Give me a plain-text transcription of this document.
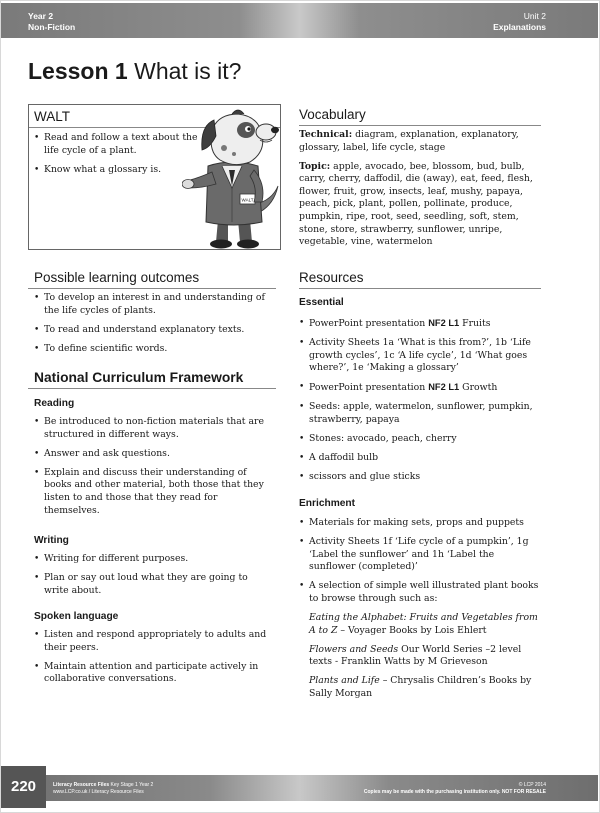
Year 2
Non-Fiction
Unit 2
Explanations
Lesson 1 What is it?
WALT
• Read and follow a text about the life cycle of a plant.
• Know what a glossary is.
WALT
Possible learning outcomes
• To develop an interest in and understanding of the life cycles of plants.
• To read and understand explanatory texts.
• To define scientific words.
National Curriculum Framework
Reading
• Be introduced to non-fiction materials that are structured in different ways.
• Answer and ask questions.
• Explain and discuss their understanding of books and other material, both those that they listen to and those that they read for themselves.
Writing
• Writing for different purposes.
• Plan or say out loud what they are going to write about.
Spoken language
• Listen and respond appropriately to adults and their peers.
• Maintain attention and participate actively in collaborative conversations.
Vocabulary
Technical: diagram, explanation, explanatory, glossary, label, life cycle, stage
Topic: apple, avocado, bee, blossom, bud, bulb, carry, cherry, daffodil, die (away), eat, feed, flesh, flower, fruit, grow, insects, leaf, mushy, papaya, peach, pick, plant, pollen, pollinate, produce, pumpkin, ripe, root, seed, seedling, soft, stem, stone, store, strawberry, sunflower, unripe, vegetable, vine, watermelon
Resources
Essential
• PowerPoint presentation NF2 L1 Fruits
• Activity Sheets 1a ‘What is this from?’, 1b ‘Life growth cycles’, 1c ‘A life cycle’, 1d ‘What goes where?’, 1e ‘Making a glossary’
• PowerPoint presentation NF2 L1 Growth
• Seeds: apple, watermelon, sunflower, pumpkin, strawberry, papaya
• Stones: avocado, peach, cherry
• A daffodil bulb
• scissors and glue sticks
Enrichment
• Materials for making sets, props and puppets
• Activity Sheets 1f ‘Life cycle of a pumpkin’, 1g ‘Label the sunflower’ and 1h ‘Label the sunflower (completed)’
• A selection of simple well illustrated plant books to browse through such as:
Eating the Alphabet: Fruits and Vegetables from A to Z – Voyager Books by Lois Ehlert
Flowers and Seeds Our World Series –2 level texts - Franklin Watts by M Grieveson
Plants and Life – Chrysalis Children’s Books by Sally Morgan
220	Literacy Resource Files Key Stage 1 Year 2
www.LCP.co.uk / Literacy Resource Files
© LCP 2014
Copies may be made with the purchasing institution only. NOT FOR RESALE
